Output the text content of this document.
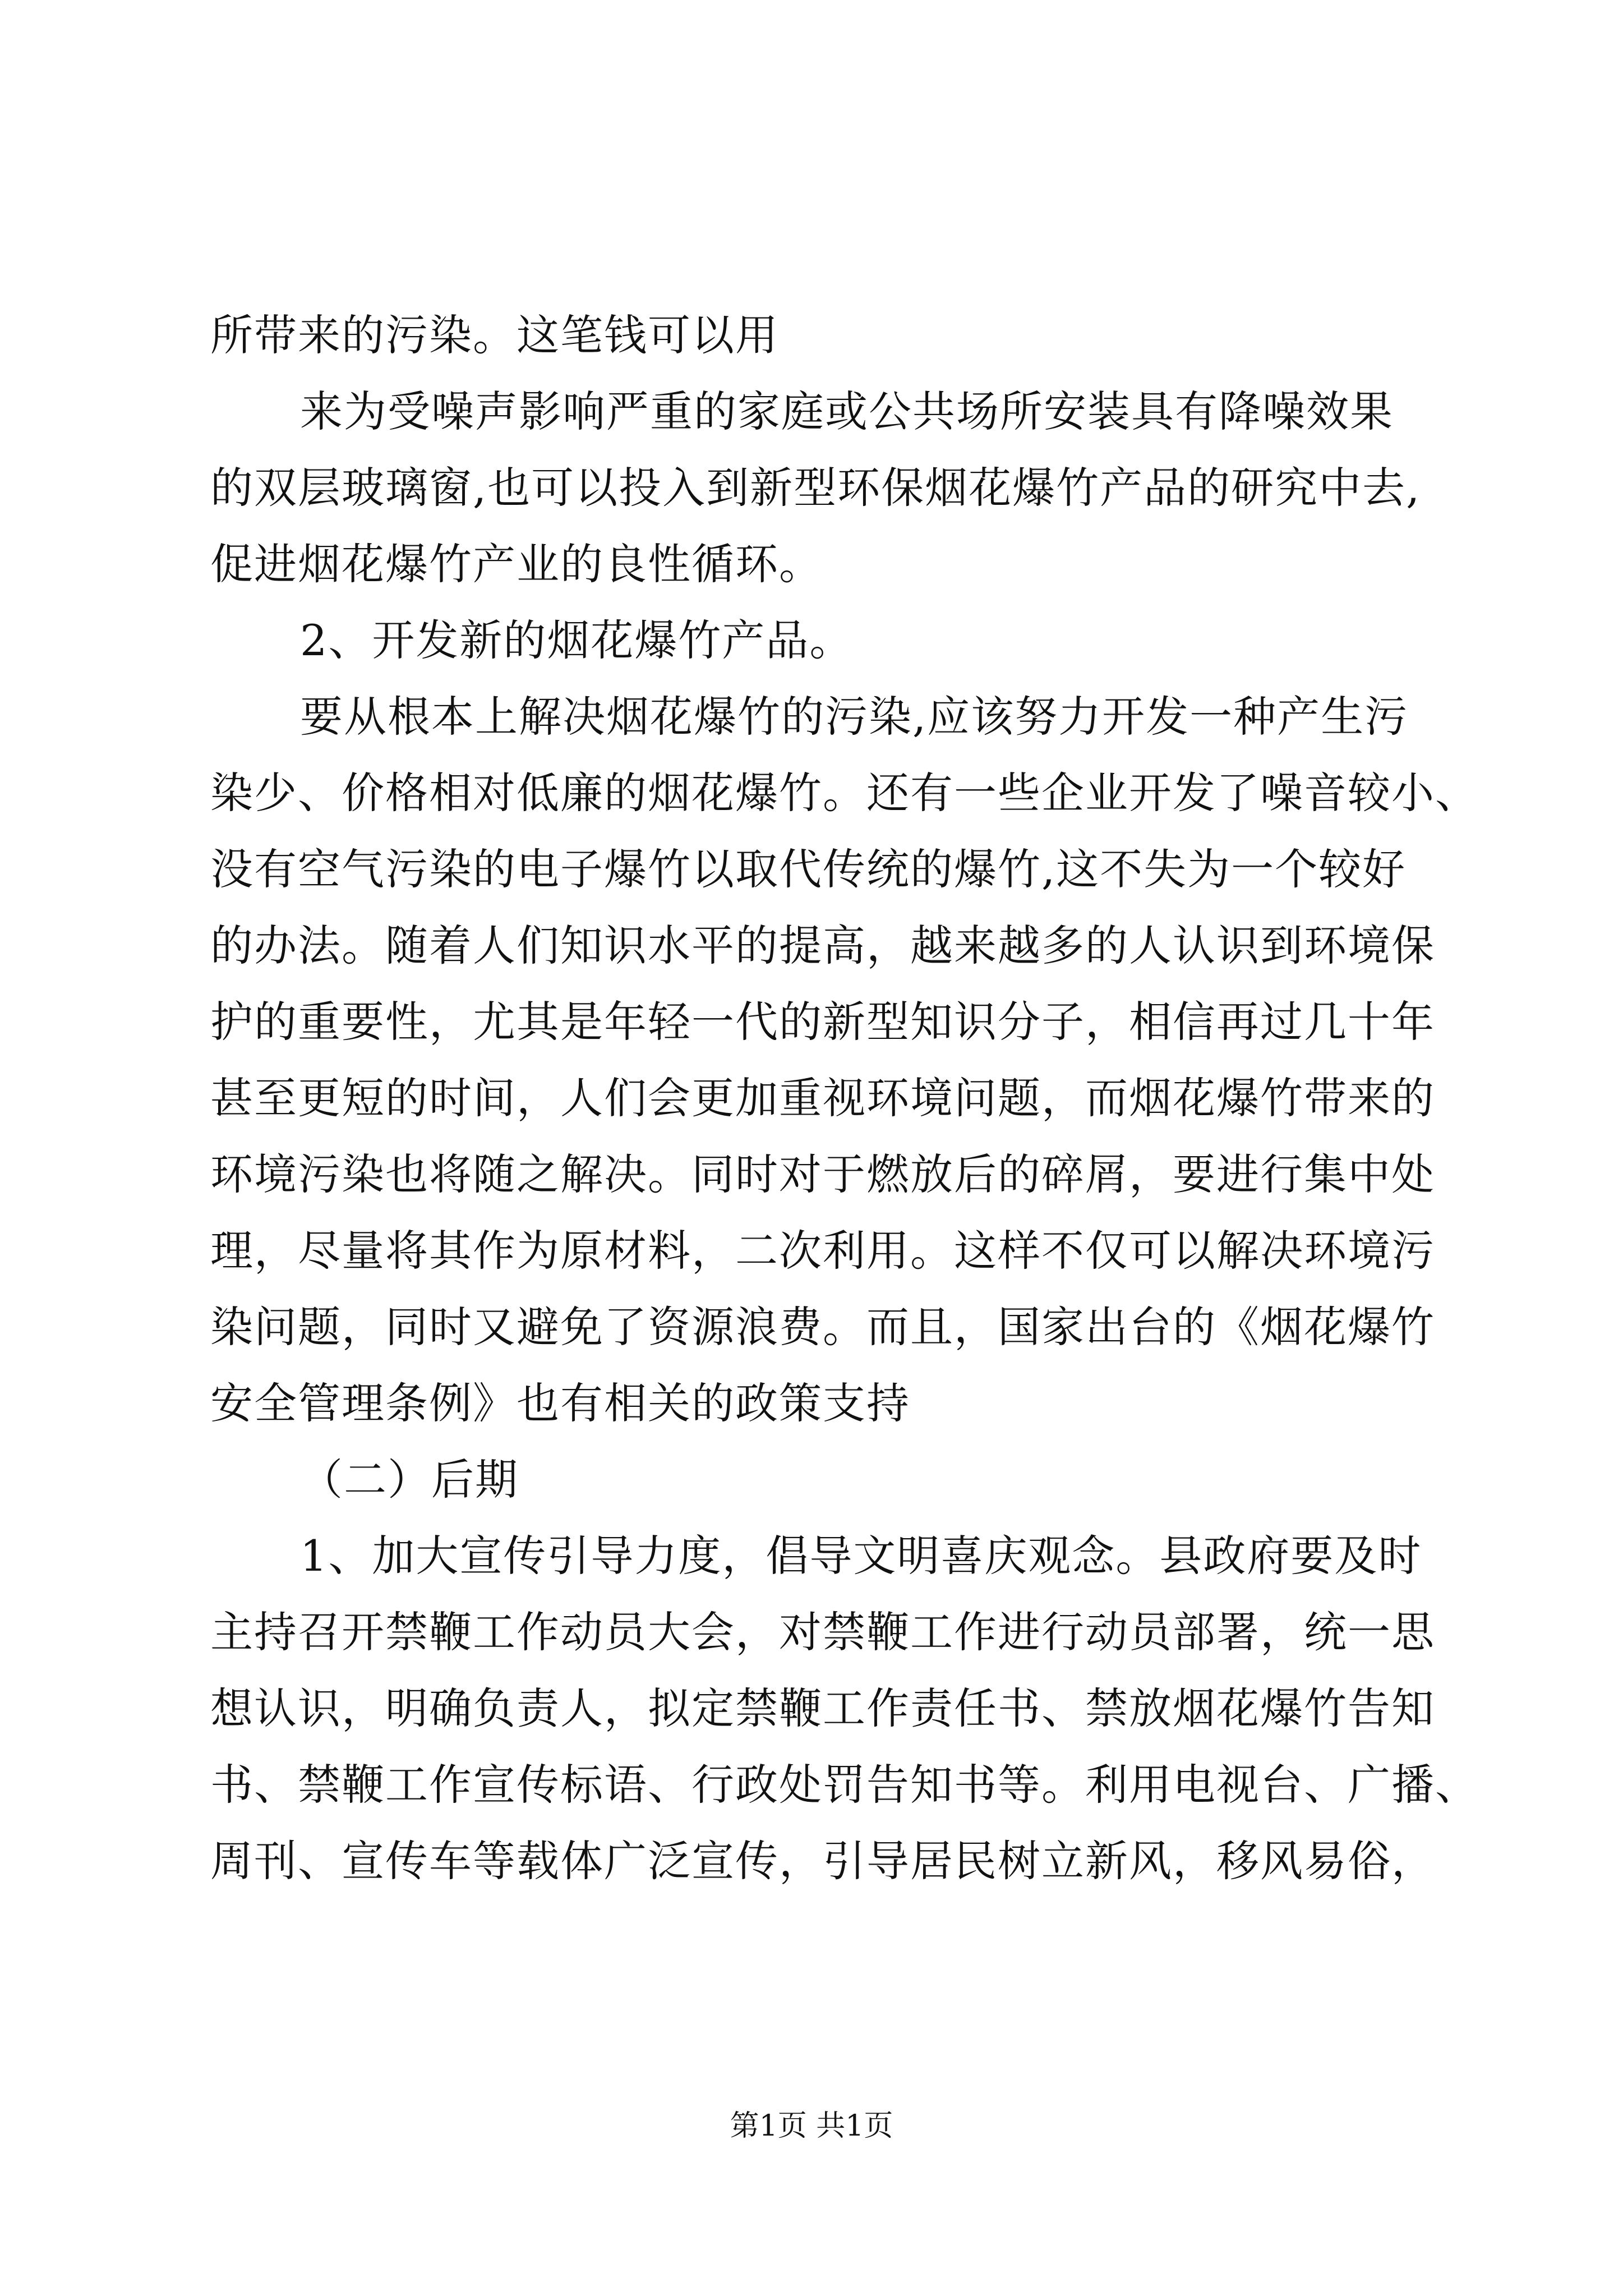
所带来的污染。这笔钱可以用
来为受噪声影响严重的家庭或公共场所安装具有降噪效果
的双层玻璃窗,也可以投入到新型环保烟花爆竹产品的研究中去,
促进烟花爆竹产业的良性循环。
2、开发新的烟花爆竹产品。
要从根本上解决烟花爆竹的污染,应该努力开发一种产生污
染少、价格相对低廉的烟花爆竹。还有一些企业开发了噪音较小、
没有空气污染的电子爆竹以取代传统的爆竹,这不失为一个较好
的办法。随着人们知识水平的提高，越来越多的人认识到环境保
护的重要性，尤其是年轻一代的新型知识分子，相信再过几十年
甚至更短的时间，人们会更加重视环境问题，而烟花爆竹带来的
环境污染也将随之解决。同时对于燃放后的碎屑，要进行集中处
理，尽量将其作为原材料，二次利用。这样不仅可以解决环境污
染问题，同时又避免了资源浪费。而且，国家出台的《烟花爆竹
安全管理条例》也有相关的政策支持
（二）后期
1、加大宣传引导力度，倡导文明喜庆观念。县政府要及时
主持召开禁鞭工作动员大会，对禁鞭工作进行动员部署，统一思
想认识，明确负责人，拟定禁鞭工作责任书、禁放烟花爆竹告知
书、禁鞭工作宣传标语、行政处罚告知书等。利用电视台、广播、
周刊、宣传车等载体广泛宣传，引导居民树立新风，移风易俗，
第1页 共1页
